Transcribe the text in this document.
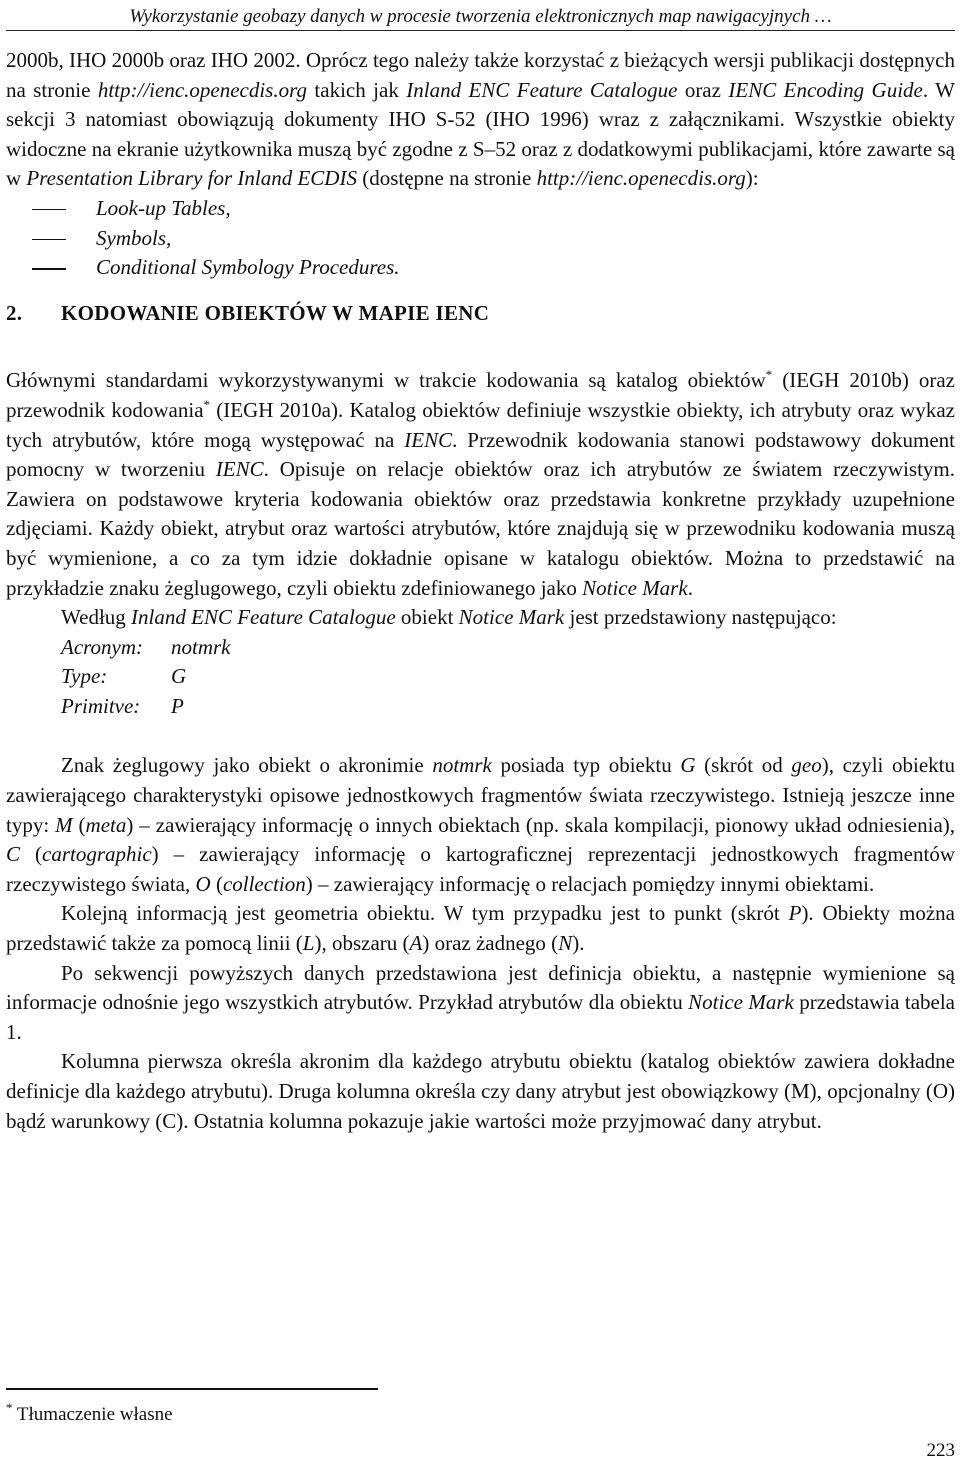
Wykorzystanie geobazy danych w procesie tworzenia elektronicznych map nawigacyjnych …

2000b, IHO 2000b oraz IHO 2002. Oprócz tego należy także korzystać z bieżących wersji publikacji dostępnych na stronie http://ienc.openecdis.org takich jak Inland ENC Feature Catalogue oraz IENC Encoding Guide. W sekcji 3 natomiast obowiązują dokumenty IHO S-52 (IHO 1996) wraz z załącznikami. Wszystkie obiekty widoczne na ekranie użytkownika muszą być zgodne z S–52 oraz z dodatkowymi publikacjami, które zawarte są w Presentation Library for Inland ECDIS (dostępne na stronie http://ienc.openecdis.org):

Look-up Tables,
Symbols,
Conditional Symbology Procedures.
2. KODOWANIE OBIEKTÓW W MAPIE IENC

Głównymi standardami wykorzystywanymi w trakcie kodowania są katalog obiektów* (IEGH 2010b) oraz przewodnik kodowania* (IEGH 2010a). Katalog obiektów definiuje wszystkie obiekty, ich atrybuty oraz wykaz tych atrybutów, które mogą występować na IENC. Przewodnik kodowania stanowi podstawowy dokument pomocny w tworzeniu IENC. Opisuje on relacje obiektów oraz ich atrybutów ze światem rzeczywistym. Zawiera on podstawowe kryteria kodowania obiektów oraz przedstawia konkretne przykłady uzupełnione zdjęciami. Każdy obiekt, atrybut oraz wartości atrybutów, które znajdują się w przewodniku kodowania muszą być wymienione, a co za tym idzie dokładnie opisane w katalogu obiektów. Można to przedstawić na przykładzie znaku żeglugowego, czyli obiektu zdefiniowanego jako Notice Mark.

Według Inland ENC Feature Catalogue obiekt Notice Mark jest przedstawiony następująco:

Acronym: notmrk
Type:	G
Primitve: P

Znak żeglugowy jako obiekt o akronimie notmrk posiada typ obiektu G (skrót od geo), czyli obiektu zawierającego charakterystyki opisowe jednostkowych fragmentów świata rzeczywistego. Istnieją jeszcze inne typy: M (meta) – zawierający informację o innych obiektach (np. skala kompilacji, pionowy układ odniesienia), C (cartographic) – zawierający informację o kartograficznej reprezentacji jednostkowych fragmentów rzeczywistego świata, O (collection) – zawierający informację o relacjach pomiędzy innymi obiektami.

Kolejną informacją jest geometria obiektu. W tym przypadku jest to punkt (skrót P). Obiekty można przedstawić także za pomocą linii (L), obszaru (A) oraz żadnego (N).

Po sekwencji powyższych danych przedstawiona jest definicja obiektu, a następnie wymienione są informacje odnośnie jego wszystkich atrybutów. Przykład atrybutów dla obiektu Notice Mark przedstawia tabela 1.

Kolumna pierwsza określa akronim dla każdego atrybutu obiektu (katalog obiektów zawiera dokładne definicje dla każdego atrybutu). Druga kolumna określa czy dany atrybut jest obowiązkowy (M), opcjonalny (O) bądź warunkowy (C). Ostatnia kolumna pokazuje jakie wartości może przyjmować dany atrybut.

* Tłumaczenie własne
223
